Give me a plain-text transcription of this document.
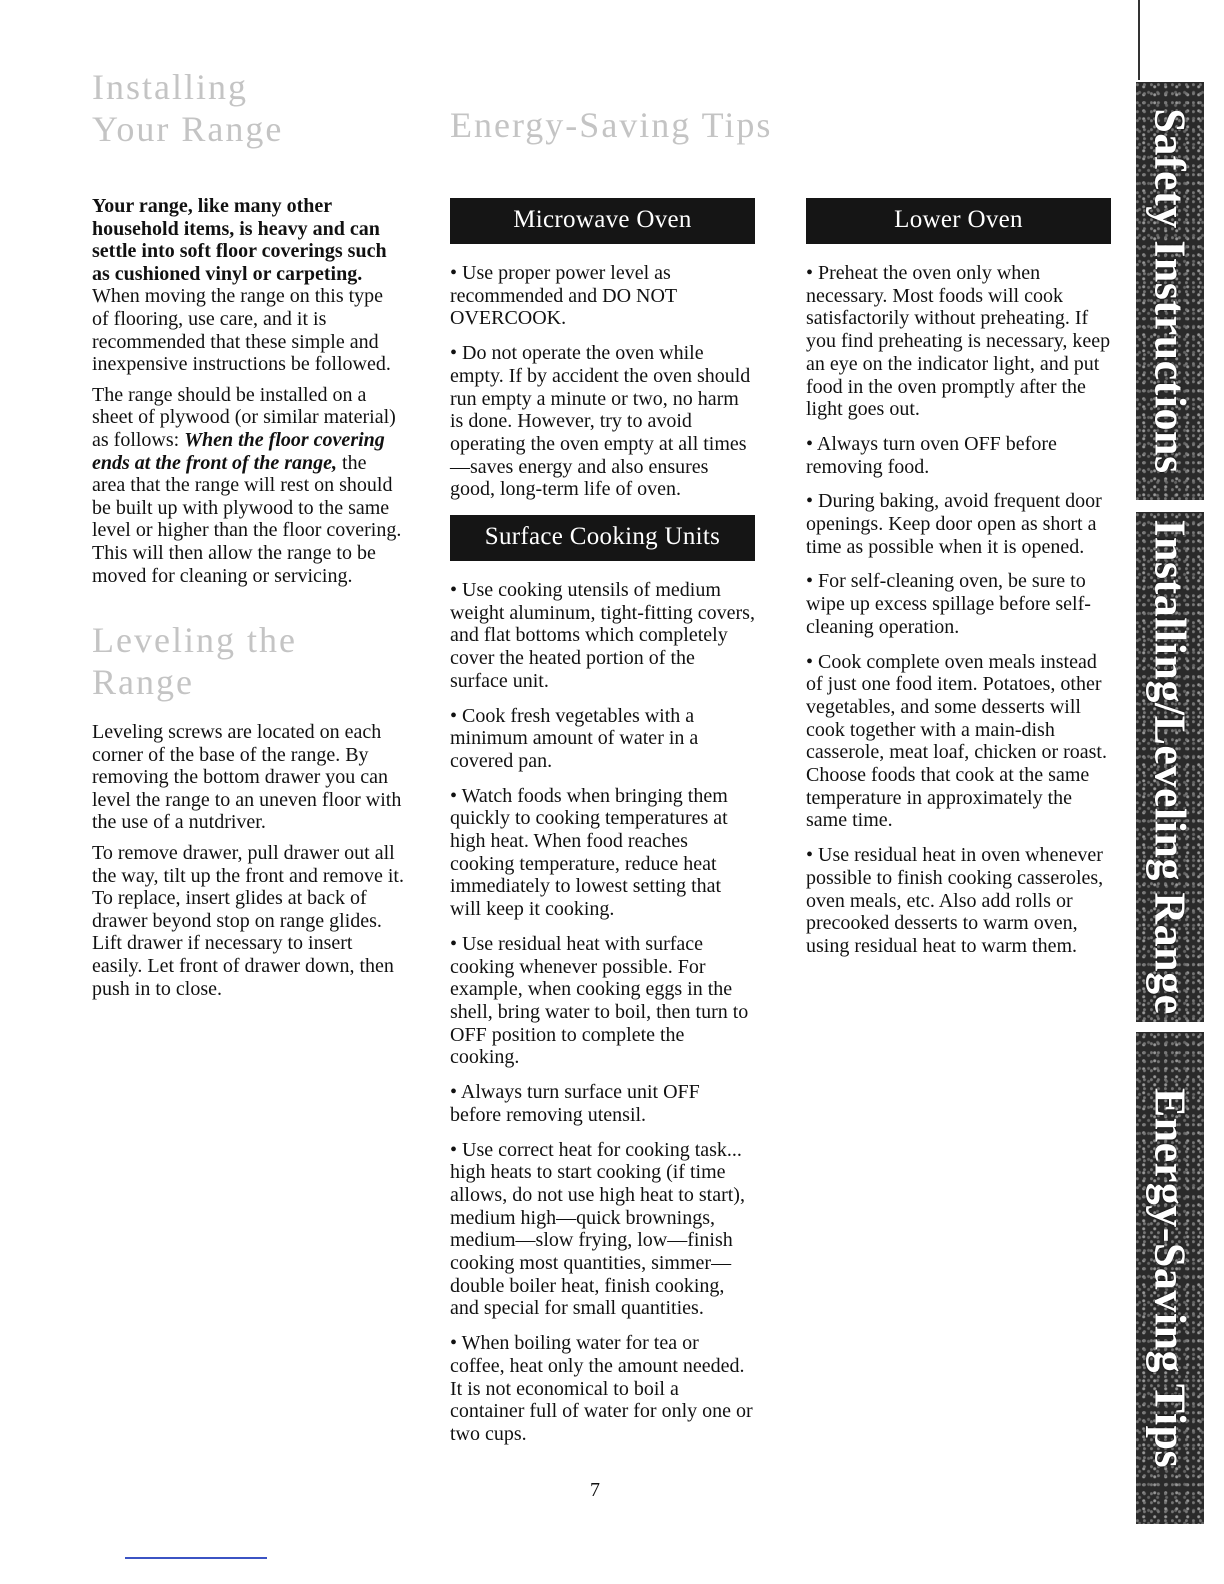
Installing
Your Range

Your range, like many other household items, is heavy and can settle into soft floor coverings such as cushioned vinyl or carpeting. When moving the range on this type of flooring, use care, and it is recommended that these simple and inexpensive instructions be followed.

The range should be installed on a sheet of plywood (or similar material) as follows: When the floor covering ends at the front of the range, the area that the range will rest on should be built up with plywood to the same level or higher than the floor covering. This will then allow the range to be moved for cleaning or servicing.

Leveling the
Range

Leveling screws are located on each corner of the base of the range. By removing the bottom drawer you can level the range to an uneven floor with the use of a nutdriver.

To remove drawer, pull drawer out all the way, tilt up the front and remove it. To replace, insert glides at back of drawer beyond stop on range glides. Lift drawer if necessary to insert easily. Let front of drawer down, then push in to close.

Energy-Saving Tips
Microwave Oven
• Use proper power level as recommended and DO NOT OVERCOOK.
• Do not operate the oven while empty. If by accident the oven should run empty a minute or two, no harm is done. However, try to avoid operating the oven empty at all times—saves energy and also ensures good, long-term life of oven.
Surface Cooking Units
• Use cooking utensils of medium weight aluminum, tight-fitting covers, and flat bottoms which completely cover the heated portion of the surface unit.
• Cook fresh vegetables with a minimum amount of water in a covered pan.
• Watch foods when bringing them quickly to cooking temperatures at high heat. When food reaches cooking temperature, reduce heat immediately to lowest setting that will keep it cooking.
• Use residual heat with surface cooking whenever possible. For example, when cooking eggs in the shell, bring water to boil, then turn to OFF position to complete the cooking.
• Always turn surface unit OFF before removing utensil.
• Use correct heat for cooking task... high heats to start cooking (if time allows, do not use high heat to start), medium high—quick brownings, medium—slow frying, low—finish cooking most quantities, simmer—double boiler heat, finish cooking, and special for small quantities.
• When boiling water for tea or coffee, heat only the amount needed. It is not economical to boil a container full of water for only one or two cups.
Lower Oven
• Preheat the oven only when necessary. Most foods will cook satisfactorily without preheating. If you find preheating is necessary, keep an eye on the indicator light, and put food in the oven promptly after the light goes out.
• Always turn oven OFF before removing food.
• During baking, avoid frequent door openings. Keep door open as short a time as possible when it is opened.
• For self-cleaning oven, be sure to wipe up excess spillage before self-cleaning operation.
• Cook complete oven meals instead of just one food item. Potatoes, other vegetables, and some desserts will cook together with a main-dish casserole, meat loaf, chicken or roast. Choose foods that cook at the same temperature in approximately the same time.
• Use residual heat in oven whenever possible to finish cooking casseroles, oven meals, etc. Also add rolls or precooked desserts to warm oven, using residual heat to warm them.
7
Safety Instructions
Installing/Leveling Range
Energy-Saving Tips
